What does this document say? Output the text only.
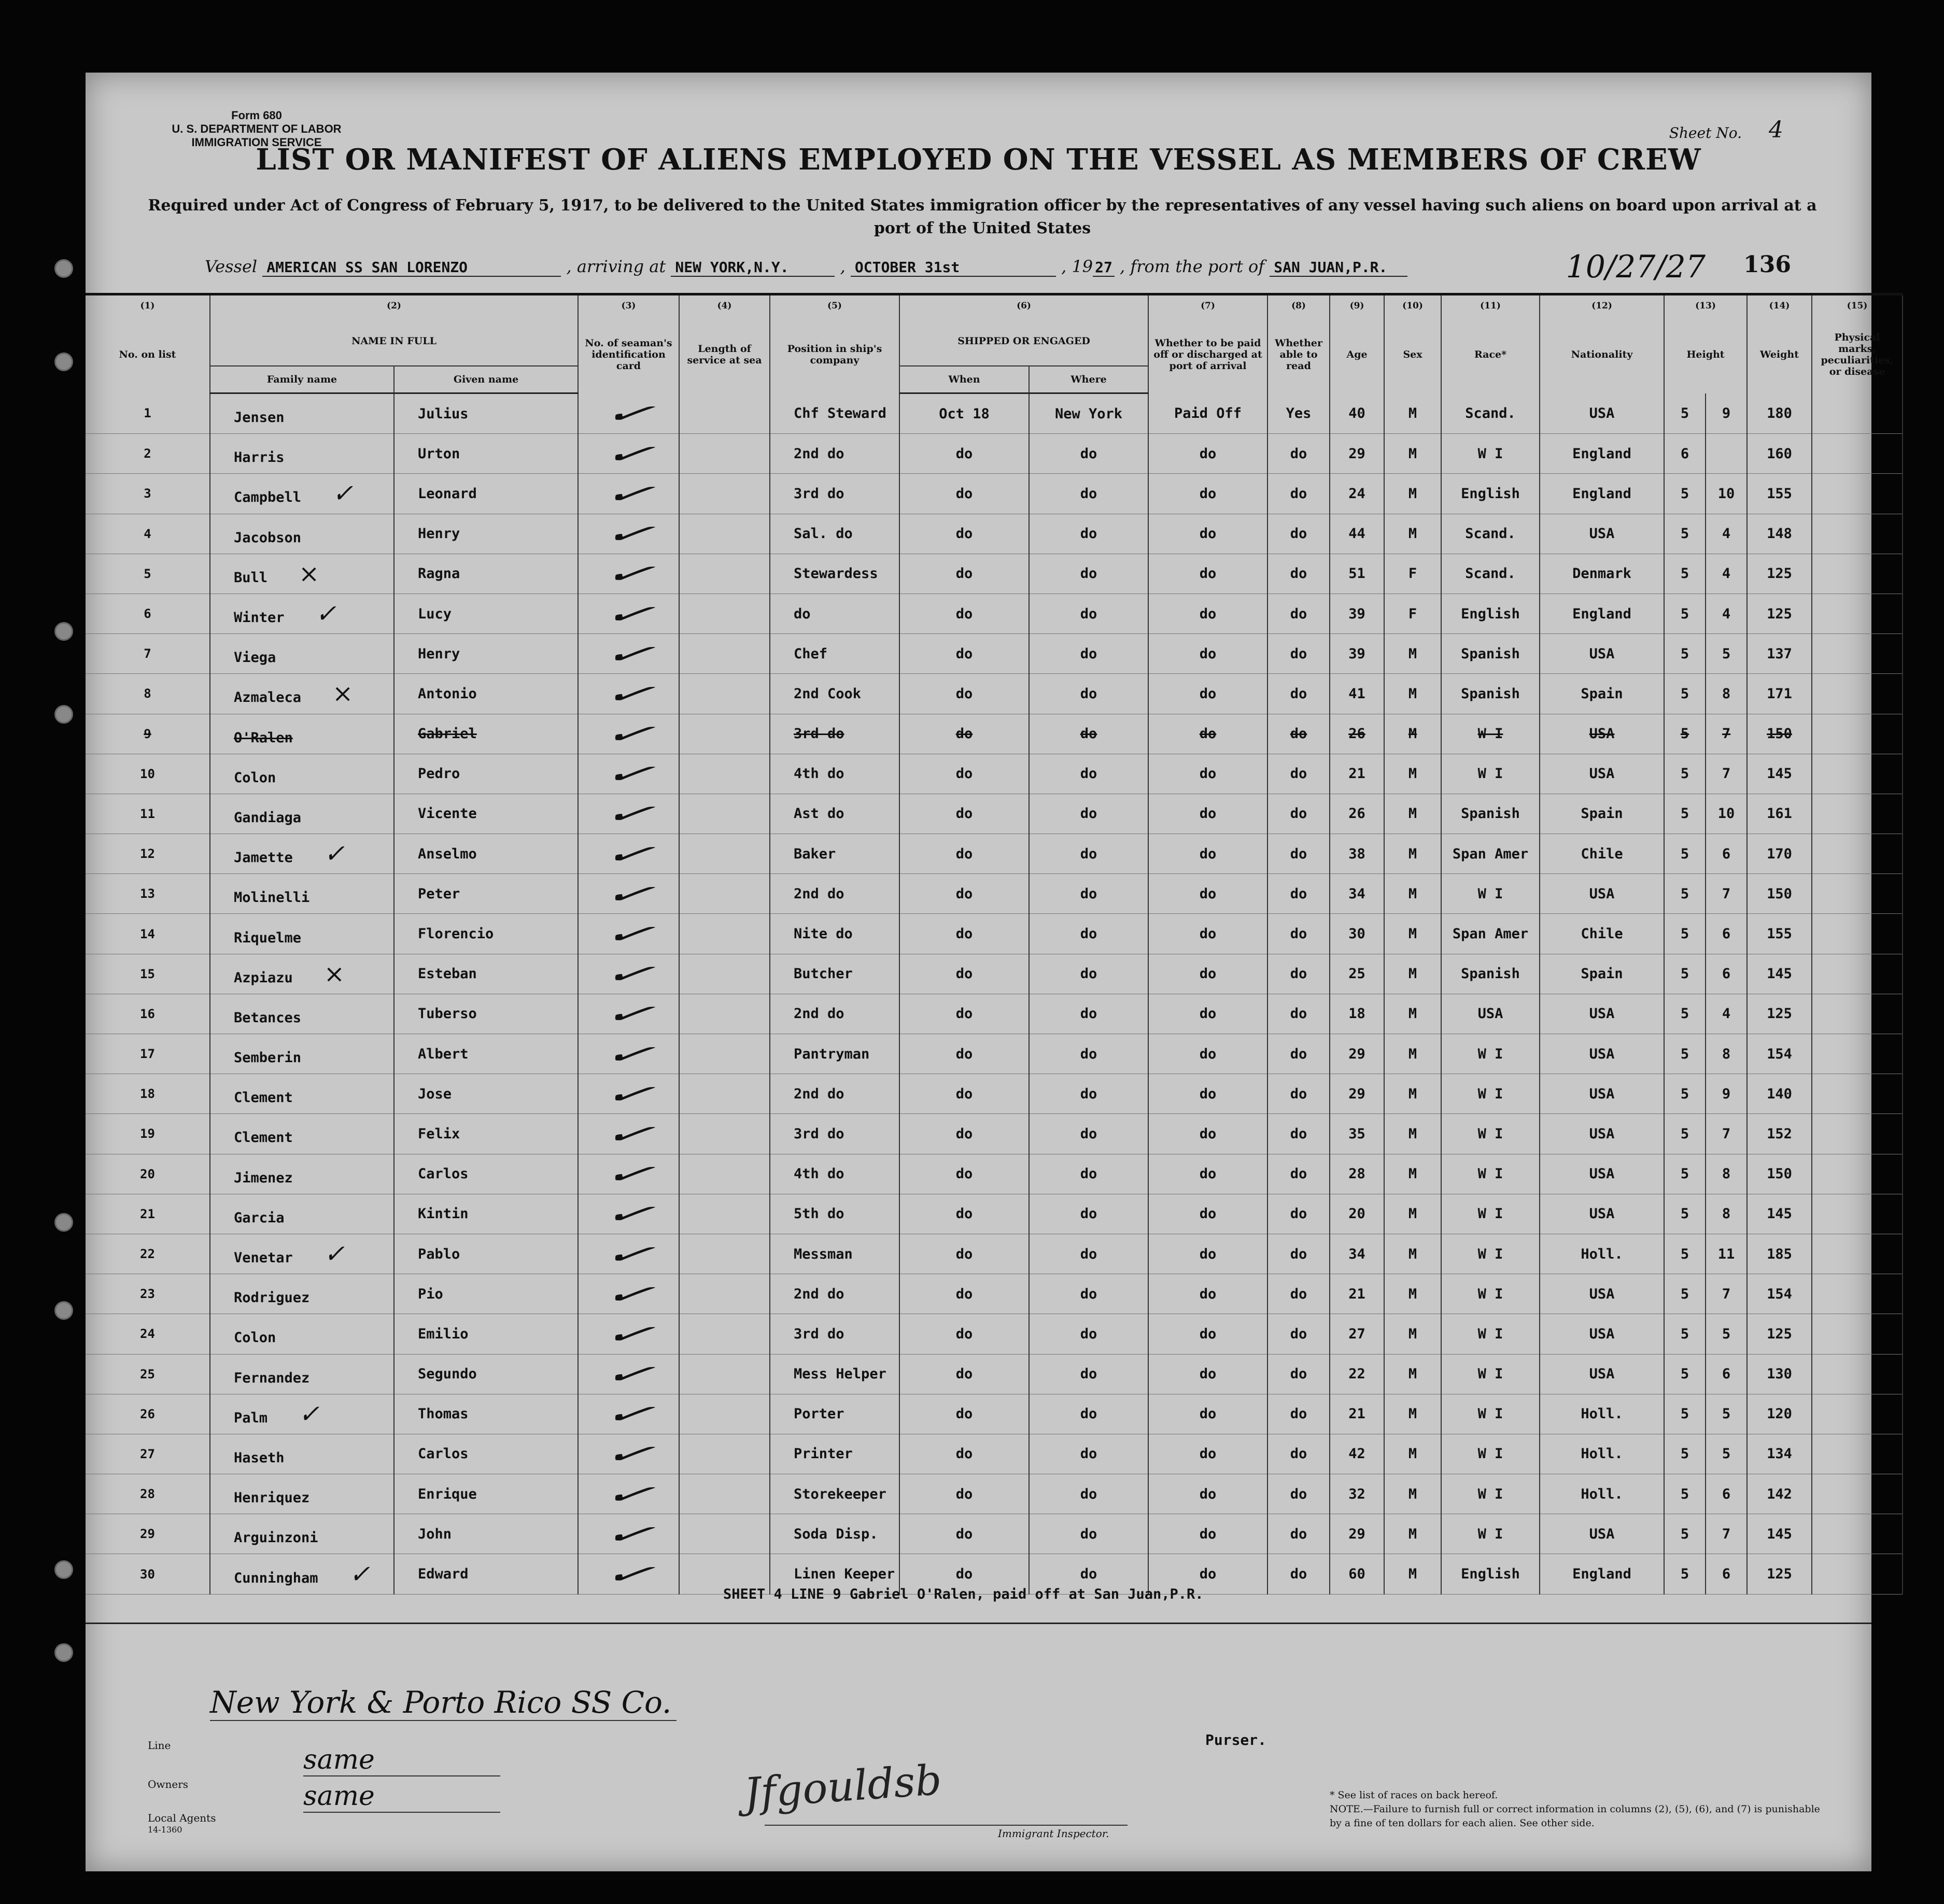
Form 680
U. S. DEPARTMENT OF LABOR
IMMIGRATION SERVICE
Sheet No. 4
LIST OR MANIFEST OF ALIENS EMPLOYED ON THE VESSEL AS MEMBERS OF CREW
Required under Act of Congress of February 5, 1917, to be delivered to the United States immigration officer by the representatives of any vessel having such aliens on board upon arrival at a port of the United States
Vessel AMERICAN SS SAN LORENZO	, arriving at NEW YORK,N.Y.	, OCTOBER 31st	, 19 27 , from the port of SAN JUAN,P.R.	10/27/27 136
(1)	(2)		(3)	(4)	(5)	(6)		(7)	(8)	(9)	(10)	(11)	(12)	(13)		(14)	(15)
No. on list	NAME IN FULL		No. of seaman's identification card	Length of service at sea	Position in ship's company	SHIPPED OR ENGAGED		Whether to be paid off or discharged at port of arrival	Whether able to read	Age	Sex	Race*	Nationality	Height		Weight	Physical marks, peculiarities, or disease
	Family name	Given name				When	Where										
1	Jensen	Julius	✓		Chf Steward	Oct 18	New York	Paid Off	Yes	40	M	Scand.	USA	5	9	180	
2	Harris	Urton	✓		2nd do	do	do	do	do	29	M	W I	England	6		160	
3	Campbell ✓	Leonard	✓		3rd do	do	do	do	do	24	M	English	England	5	10	155	
4	Jacobson	Henry	✓		Sal. do	do	do	do	do	44	M	Scand.	USA	5	4	148	
5	Bull ×	Ragna	✓		Stewardess	do	do	do	do	51	F	Scand.	Denmark	5	4	125	
6	Winter ✓	Lucy	✓		do	do	do	do	do	39	F	English	England	5	4	125	
7	Viega	Henry	✓		Chef	do	do	do	do	39	M	Spanish	USA	5	5	137	
8	Azmaleca ×	Antonio	✓		2nd Cook	do	do	do	do	41	M	Spanish	Spain	5	8	171	
9	O'Ralen	Gabriel	✓		3rd do	do	do	do	do	26	M	W I	USA	5	7	150	
10	Colon	Pedro	✓		4th do	do	do	do	do	21	M	W I	USA	5	7	145	
11	Gandiaga	Vicente	✓		Ast do	do	do	do	do	26	M	Spanish	Spain	5	10	161	
12	Jamette ✓	Anselmo	✓		Baker	do	do	do	do	38	M	Span Amer	Chile	5	6	170	
13	Molinelli	Peter	✓		2nd do	do	do	do	do	34	M	W I	USA	5	7	150	
14	Riquelme	Florencio	✓		Nite do	do	do	do	do	30	M	Span Amer	Chile	5	6	155	
15	Azpiazu ×	Esteban	✓		Butcher	do	do	do	do	25	M	Spanish	Spain	5	6	145	
16	Betances	Tuberso	✓		2nd do	do	do	do	do	18	M	USA	USA	5	4	125	
17	Semberin	Albert	✓		Pantryman	do	do	do	do	29	M	W I	USA	5	8	154	
18	Clement	Jose	✓		2nd do	do	do	do	do	29	M	W I	USA	5	9	140	
19	Clement	Felix	✓		3rd do	do	do	do	do	35	M	W I	USA	5	7	152	
20	Jimenez	Carlos	✓		4th do	do	do	do	do	28	M	W I	USA	5	8	150	
21	Garcia	Kintin	✓		5th do	do	do	do	do	20	M	W I	USA	5	8	145	
22	Venetar ✓	Pablo	✓		Messman	do	do	do	do	34	M	W I	Holl.	5	11	185	
23	Rodriguez	Pio	✓		2nd do	do	do	do	do	21	M	W I	USA	5	7	154	
24	Colon	Emilio	✓		3rd do	do	do	do	do	27	M	W I	USA	5	5	125	
25	Fernandez	Segundo	✓		Mess Helper	do	do	do	do	22	M	W I	USA	5	6	130	
26	Palm ✓	Thomas	✓		Porter	do	do	do	do	21	M	W I	Holl.	5	5	120	
27	Haseth	Carlos	✓		Printer	do	do	do	do	42	M	W I	Holl.	5	5	134	
28	Henriquez	Enrique	✓		Storekeeper	do	do	do	do	32	M	W I	Holl.	5	6	142	
29	Arguinzoni	John	✓		Soda Disp.	do	do	do	do	29	M	W I	USA	5	7	145	
30	Cunningham ✓	Edward	✓		Linen Keeper	do	do	do	do	60	M	English	England	5	6	125	
SHEET 4 LINE 9 Gabriel O'Ralen, paid off at San Juan,P.R.
Line
New York & Porto Rico SS Co.
Owners
same
Local Agents
same
14-1360
Purser.
Jfgouldsb
Immigrant Inspector.
* See list of races on back hereof.
NOTE.—Failure to furnish full or correct information in columns (2), (5), (6), and (7) is punishable by a fine of ten dollars for each alien. See other side.
